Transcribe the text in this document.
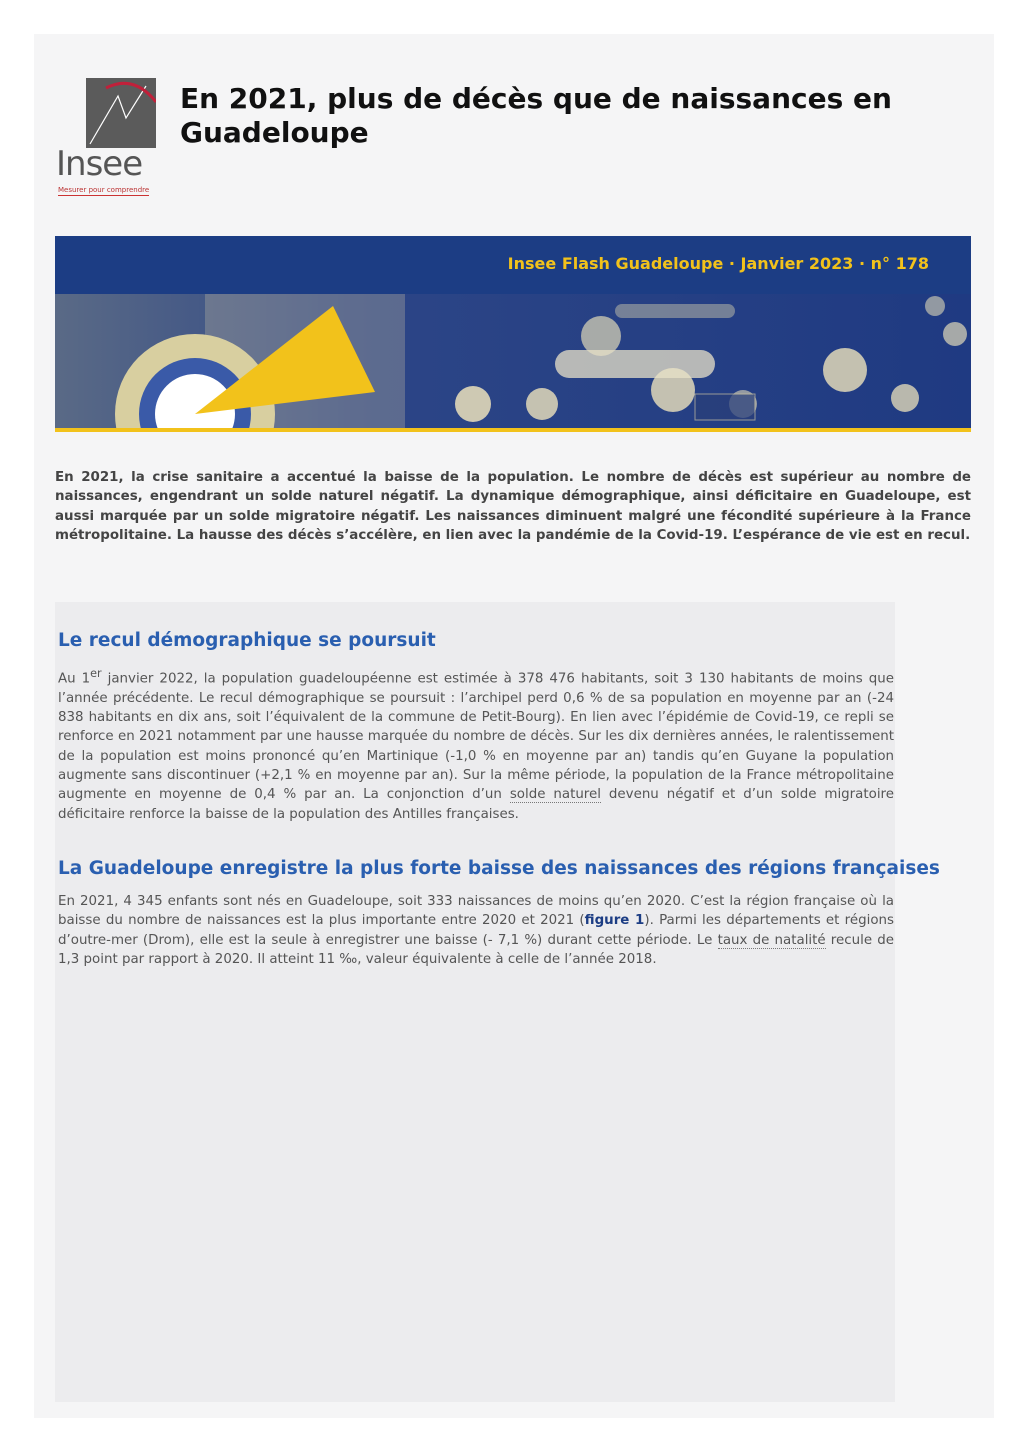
Insee
Mesurer pour comprendre
En 2021, plus de décès que de naissances en Guadeloupe
Insee Flash Guadeloupe · Janvier 2023 · n° 178

En 2021, la crise sanitaire a accentué la baisse de la population. Le nombre de décès est supérieur au nombre de naissances, engendrant un solde naturel négatif. La dynamique démographique, ainsi déficitaire en Guadeloupe, est aussi marquée par un solde migratoire négatif. Les naissances diminuent malgré une fécondité supérieure à la France métropolitaine. La hausse des décès s’accélère, en lien avec la pandémie de la Covid-19. L’espérance de vie est en recul.

Le recul démographique se poursuit

Au 1er janvier 2022, la population guadeloupéenne est estimée à 378 476 habitants, soit 3 130 habitants de moins que l’année précédente. Le recul démographique se poursuit : l’archipel perd 0,6 % de sa population en moyenne par an (-24 838 habitants en dix ans, soit l’équivalent de la commune de Petit-Bourg). En lien avec l’épidémie de Covid-19, ce repli se renforce en 2021 notamment par une hausse marquée du nombre de décès. Sur les dix dernières années, le ralentissement de la population est moins prononcé qu’en Martinique (-1,0 % en moyenne par an) tandis qu’en Guyane la population augmente sans discontinuer (+2,1 % en moyenne par an). Sur la même période, la population de la France métropolitaine augmente en moyenne de 0,4 % par an. La conjonction d’un solde naturel devenu négatif et d’un solde migratoire déficitaire renforce la baisse de la population des Antilles françaises.

La Guadeloupe enregistre la plus forte baisse des naissances des régions françaises

En 2021, 4 345 enfants sont nés en Guadeloupe, soit 333 naissances de moins qu’en 2020. C’est la région française où la baisse du nombre de naissances est la plus importante entre 2020 et 2021 (figure 1). Parmi les départements et régions d’outre-mer (Drom), elle est la seule à enregistrer une baisse (- 7,1 %) durant cette période. Le taux de natalité recule de 1,3 point par rapport à 2020. Il atteint 11 ‰, valeur équivalente à celle de l’année 2018.
